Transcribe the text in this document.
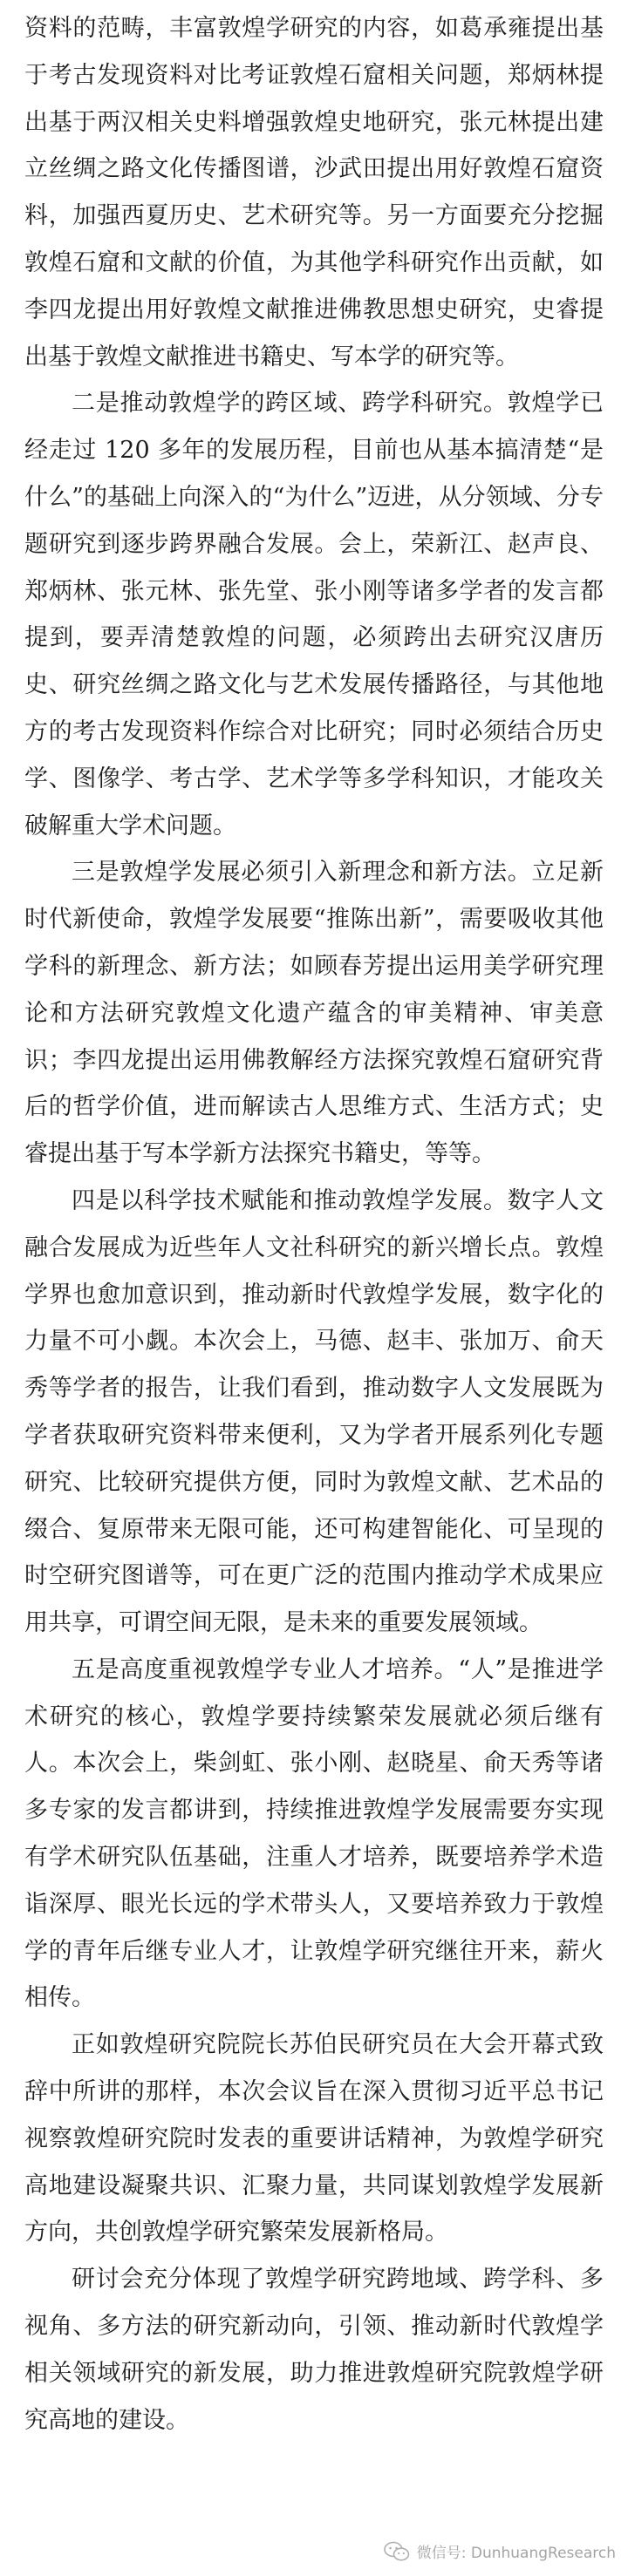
资料的范畴，丰富敦煌学研究的内容，如葛承雍提出基于考古发现资料对比考证敦煌石窟相关问题，郑炳林提出基于两汉相关史料增强敦煌史地研究，张元林提出建立丝绸之路文化传播图谱，沙武田提出用好敦煌石窟资料，加强西夏历史、艺术研究等。另一方面要充分挖掘敦煌石窟和文献的价值，为其他学科研究作出贡献，如李四龙提出用好敦煌文献推进佛教思想史研究，史睿提出基于敦煌文献推进书籍史、写本学的研究等。

二是推动敦煌学的跨区域、跨学科研究。敦煌学已经走过 120 多年的发展历程，目前也从基本搞清楚“是什么”的基础上向深入的“为什么”迈进，从分领域、分专题研究到逐步跨界融合发展。会上，荣新江、赵声良、郑炳林、张元林、张先堂、张小刚等诸多学者的发言都提到，要弄清楚敦煌的问题，必须跨出去研究汉唐历史、研究丝绸之路文化与艺术发展传播路径，与其他地方的考古发现资料作综合对比研究；同时必须结合历史学、图像学、考古学、艺术学等多学科知识，才能攻关破解重大学术问题。

三是敦煌学发展必须引入新理念和新方法。立足新时代新使命，敦煌学发展要“推陈出新”，需要吸收其他学科的新理念、新方法；如顾春芳提出运用美学研究理论和方法研究敦煌文化遗产蕴含的审美精神、审美意识；李四龙提出运用佛教解经方法探究敦煌石窟研究背后的哲学价值，进而解读古人思维方式、生活方式；史睿提出基于写本学新方法探究书籍史，等等。

四是以科学技术赋能和推动敦煌学发展。数字人文融合发展成为近些年人文社科研究的新兴增长点。敦煌学界也愈加意识到，推动新时代敦煌学发展，数字化的力量不可小觑。本次会上，马德、赵丰、张加万、俞天秀等学者的报告，让我们看到，推动数字人文发展既为学者获取研究资料带来便利，又为学者开展系列化专题研究、比较研究提供方便，同时为敦煌文献、艺术品的缀合、复原带来无限可能，还可构建智能化、可呈现的时空研究图谱等，可在更广泛的范围内推动学术成果应用共享，可谓空间无限，是未来的重要发展领域。

五是高度重视敦煌学专业人才培养。“人”是推进学术研究的核心，敦煌学要持续繁荣发展就必须后继有人。本次会上，柴剑虹、张小刚、赵晓星、俞天秀等诸多专家的发言都讲到，持续推进敦煌学发展需要夯实现有学术研究队伍基础，注重人才培养，既要培养学术造诣深厚、眼光长远的学术带头人，又要培养致力于敦煌学的青年后继专业人才，让敦煌学研究继往开来，薪火相传。

正如敦煌研究院院长苏伯民研究员在大会开幕式致辞中所讲的那样，本次会议旨在深入贯彻习近平总书记视察敦煌研究院时发表的重要讲话精神，为敦煌学研究高地建设凝聚共识、汇聚力量，共同谋划敦煌学发展新方向，共创敦煌学研究繁荣发展新格局。

研讨会充分体现了敦煌学研究跨地域、跨学科、多视角、多方法的研究新动向，引领、推动新时代敦煌学相关领域研究的新发展，助力推进敦煌研究院敦煌学研究高地的建设。

微信号: DunhuangResearch
